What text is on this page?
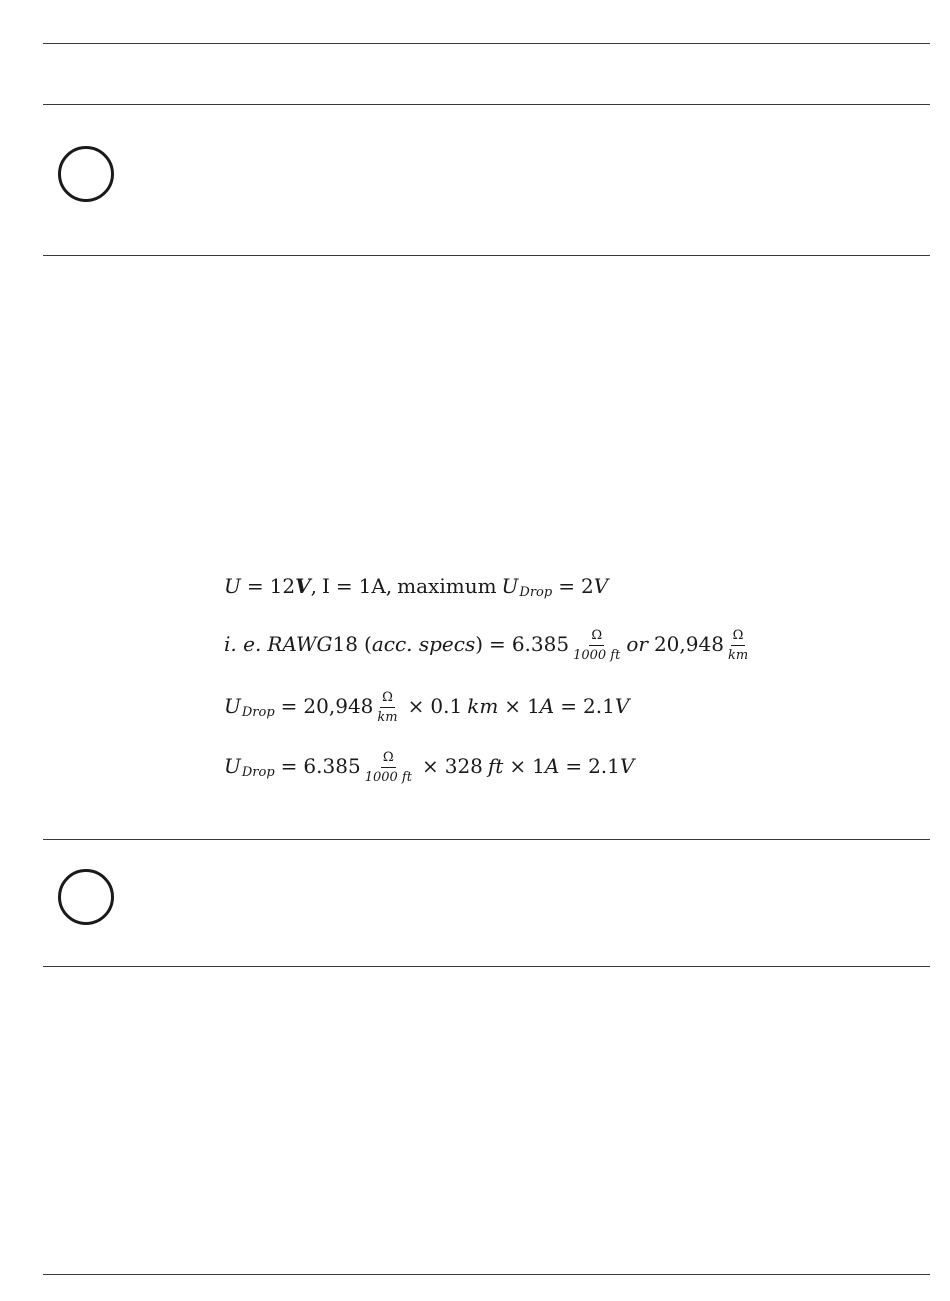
U = 12 V , I = 1A, maximum U Drop = 2 V
i. e. RAWG 18 ( acc. specs ) = $6.385 \frac{\Omega}{1000 ft}$ or $20,948 \frac{\Omega}{km}$
U Drop = $20,948 \frac{\Omega}{km} \times 0.1$ km × 1 A = 2.1 V
U Drop = $6.385 \frac{\Omega}{1000 ft} \times 328$ ft × 1 A = 2.1 V
